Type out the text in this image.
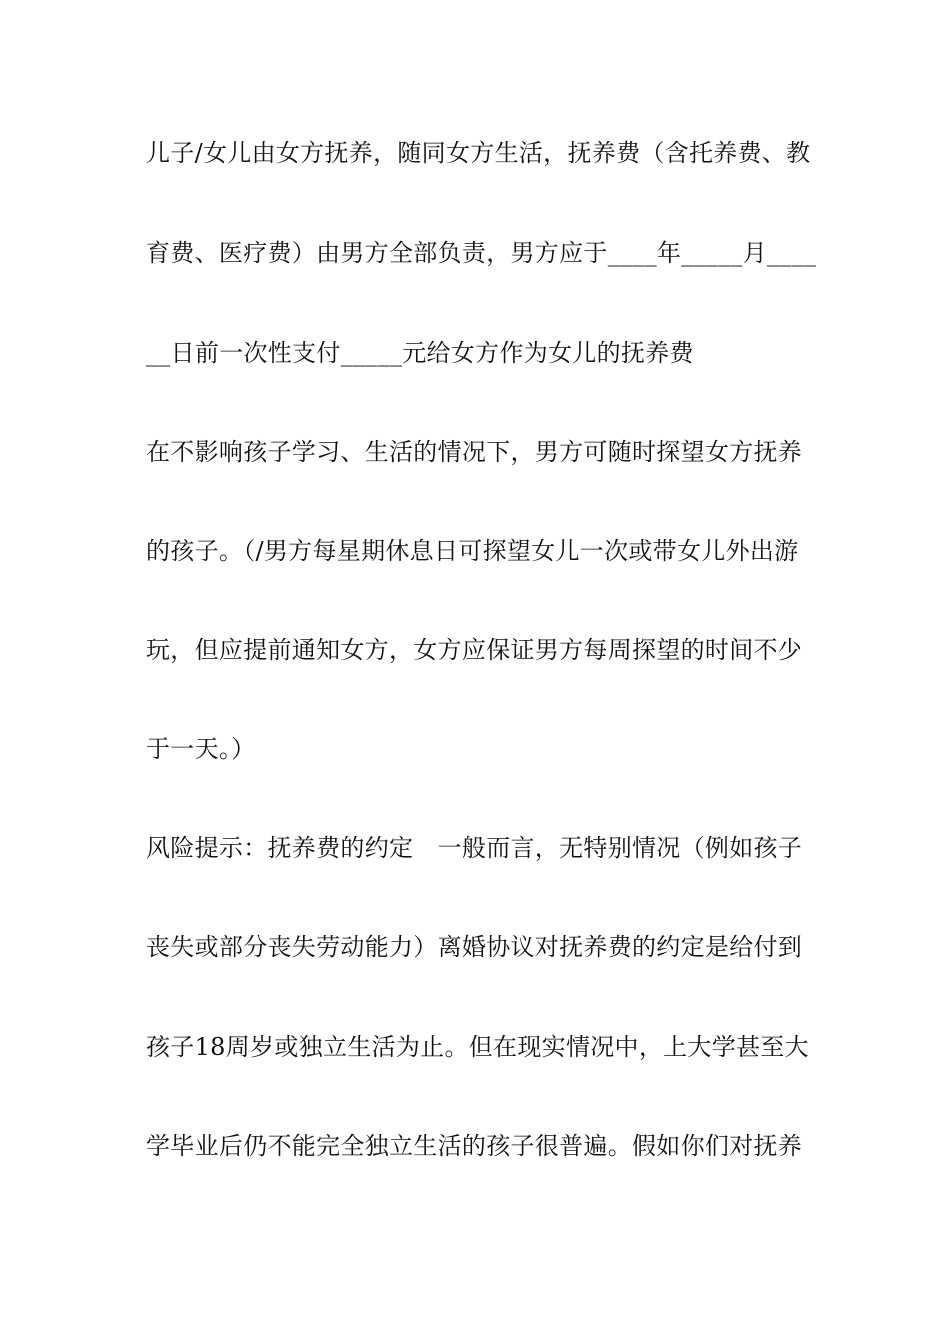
儿子/女儿由女方抚养，随同女方生活，抚养费（含托养费、教
育费、医疗费）由男方全部负责，男方应于____年_____月____
__日前一次性支付_____元给女方作为女儿的抚养费
在不影响孩子学习、生活的情况下，男方可随时探望女方抚养
的孩子。（/男方每星期休息日可探望女儿一次或带女儿外出游
玩，但应提前通知女方，女方应保证男方每周探望的时间不少
于一天。）
风险提示：抚养费的约定　一般而言，无特别情况（例如孩子
丧失或部分丧失劳动能力）离婚协议对抚养费的约定是给付到
孩子18周岁或独立生活为止。但在现实情况中，上大学甚至大
学毕业后仍不能完全独立生活的孩子很普遍。假如你们对抚养
